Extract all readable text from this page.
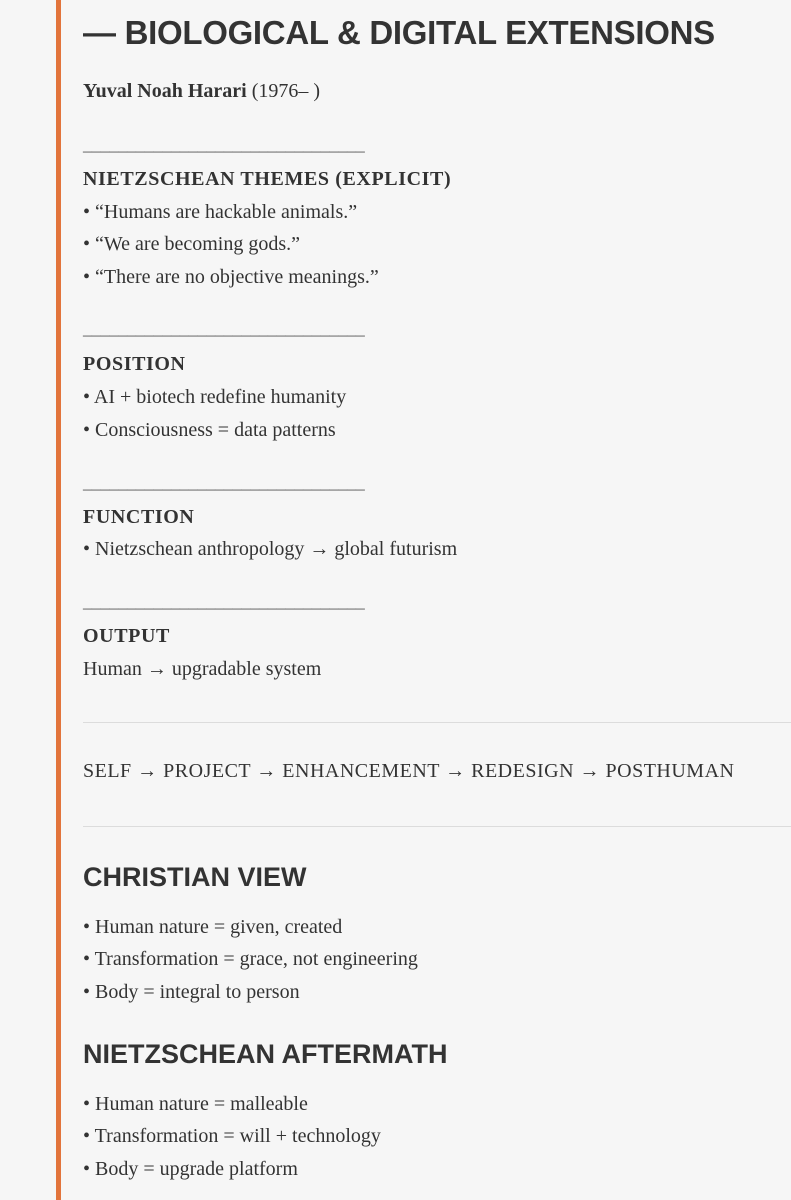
— BIOLOGICAL & DIGITAL EXTENSIONS
Yuval Noah Harari (1976– )
________________________________
NIETZSCHEAN THEMES (EXPLICIT)
• “Humans are hackable animals.”
• “We are becoming gods.”
• “There are no objective meanings.”
________________________________
POSITION
• AI + biotech redefine humanity
• Consciousness = data patterns
________________________________
FUNCTION
• Nietzschean anthropology → global futurism
________________________________
OUTPUT
Human → upgradable system
SELF → PROJECT → ENHANCEMENT → REDESIGN → POSTHUMAN
CHRISTIAN VIEW
• Human nature = given, created
• Transformation = grace, not engineering
• Body = integral to person
NIETZSCHEAN AFTERMATH
• Human nature = malleable
• Transformation = will + technology
• Body = upgrade platform
